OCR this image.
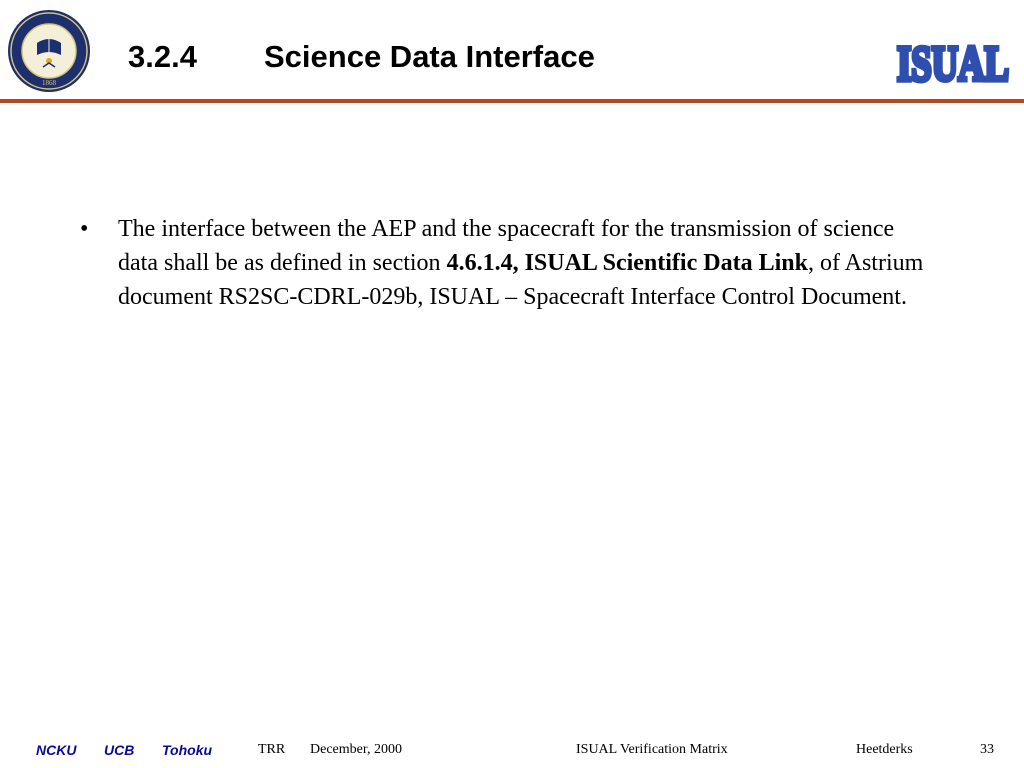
1868
3.2.4	Science Data Interface	ISUAL
ISUAL
• The interface between the AEP and the spacecraft for the transmission of science data shall be as defined in section 4.6.1.4, ISUAL Scientific Data Link, of Astrium document RS2SC-CDRL-029b, ISUAL – Spacecraft Interface Control Document.
NCKU UCB Tohoku	TRR December, 2000	ISUAL Verification Matrix	Heetderks	33
